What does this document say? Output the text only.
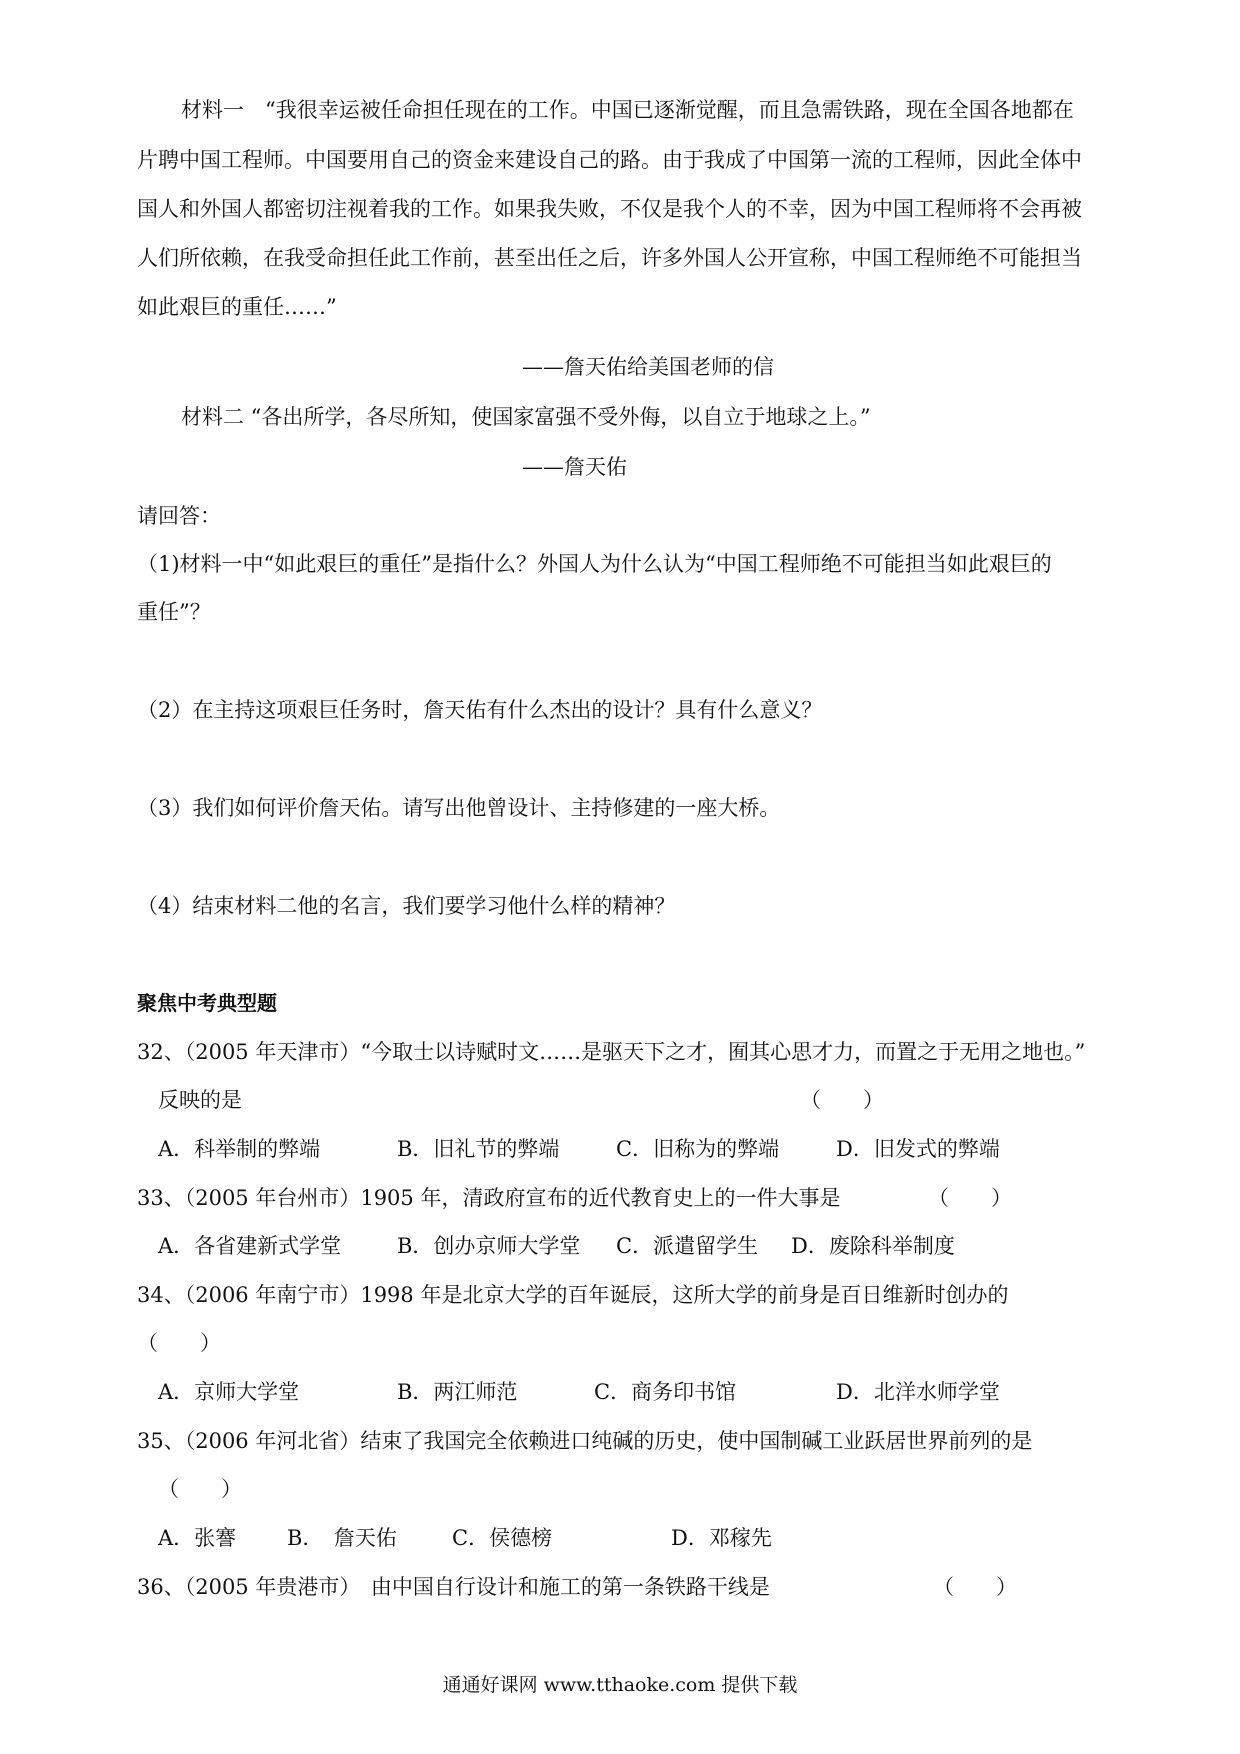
材料一　“我很幸运被任命担任现在的工作。中国已逐渐觉醒，而且急需铁路，现在全国各地都在
片聘中国工程师。中国要用自己的资金来建设自己的路。由于我成了中国第一流的工程师，因此全体中
国人和外国人都密切注视着我的工作。如果我失败，不仅是我个人的不幸，因为中国工程师将不会再被
人们所依赖，在我受命担任此工作前，甚至出任之后，许多外国人公开宣称，中国工程师绝不可能担当
如此艰巨的重任……”
——詹天佑给美国老师的信
材料二 “各出所学，各尽所知，使国家富强不受外侮，以自立于地球之上。”
——詹天佑
请回答：
（1)材料一中“如此艰巨的重任”是指什么？外国人为什么认为“中国工程师绝不可能担当如此艰巨的
重任”？
（2）在主持这项艰巨任务时，詹天佑有什么杰出的设计？具有什么意义？
（3）我们如何评价詹天佑。请写出他曾设计、主持修建的一座大桥。
（4）结束材料二他的名言，我们要学习他什么样的精神？
聚焦中考典型题
32、（2005 年天津市）“今取士以诗赋时文……是驱天下之才，囿其心思才力，而置之于无用之地也。”
反映的是	（　　）
A．科举制的弊端	B．旧礼节的弊端	C．旧称为的弊端	D．旧发式的弊端
33、（2005 年台州市）1905 年，清政府宣布的近代教育史上的一件大事是	（　　）
A．各省建新式学堂	B．创办京师大学堂 C．派遣留学生 D．废除科举制度
34、（2006 年南宁市）1998 年是北京大学的百年诞辰，这所大学的前身是百日维新时创办的
（　　）
A．京师大学堂	B．两江师范	C．商务印书馆	D．北洋水师学堂
35、（2006 年河北省）结束了我国完全依赖进口纯碱的历史，使中国制碱工业跃居世界前列的是
（　　）
A．张謇 B．　詹天佑	C．侯德榜	D．邓稼先
36、（2005 年贵港市）　由中国自行设计和施工的第一条铁路干线是	（　　）
通通好课网 www.tthaoke.com 提供下载
